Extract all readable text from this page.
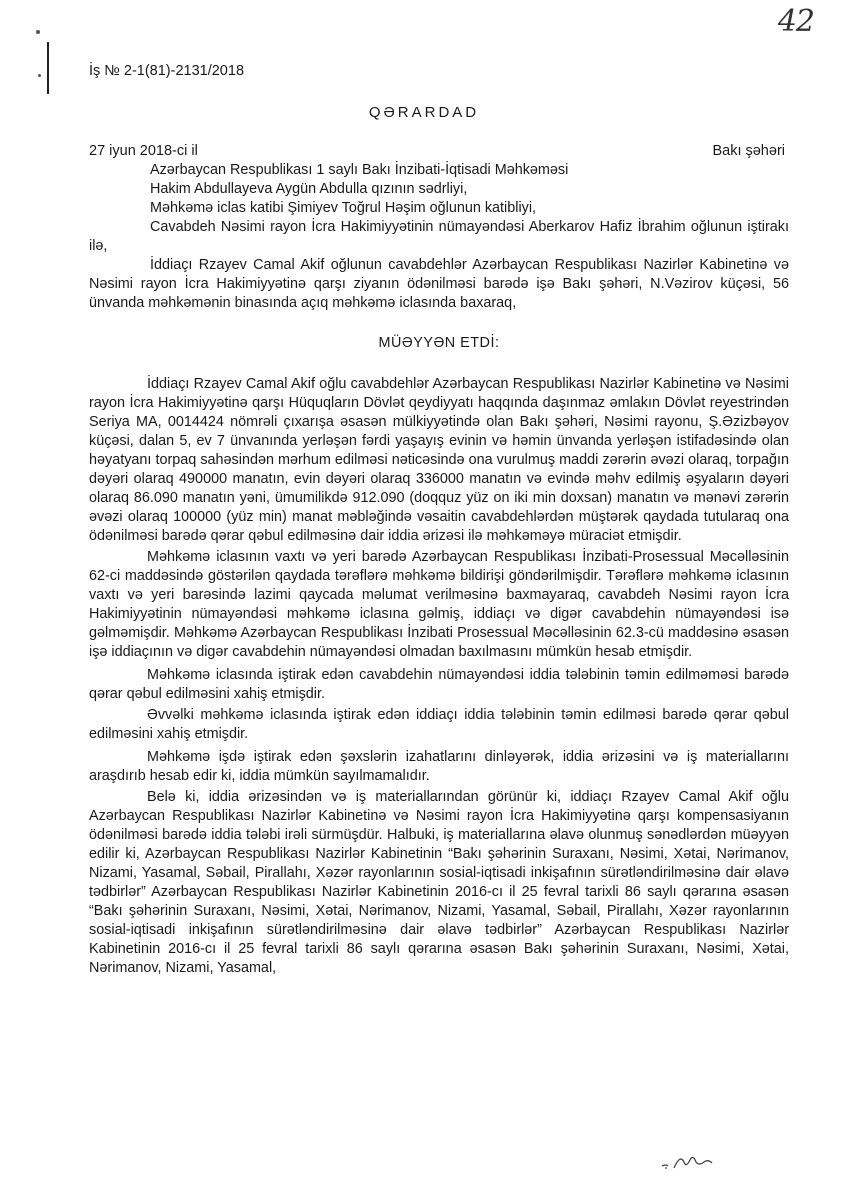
42
İş № 2-1(81)-2131/2018
QƏRARDAD
27 iyun 2018-ci il	Bakı şəhəri

Azərbaycan Respublikası 1 saylı Bakı İnzibati-İqtisadi Məhkəməsi

Hakim Abdullayeva Aygün Abdulla qızının sədrliyi,

Məhkəmə iclas katibi Şimiyev Toğrul Həşim oğlunun katibliyi,

Cavabdeh Nəsimi rayon İcra Hakimiyyətinin nümayəndəsi Aberkarov Hafiz İbrahim oğlunun iştirakı ilə,

İddiaçı Rzayev Camal Akif oğlunun cavabdehlər Azərbaycan Respublikası Nazirlər Kabinetinə və Nəsimi rayon İcra Hakimiyyətinə qarşı ziyanın ödənilməsi barədə işə Bakı şəhəri, N.Vəzirov küçəsi, 56 ünvanda məhkəmənin binasında açıq məhkəmə iclasında baxaraq,

MÜƏYYƏN ETDİ:

İddiaçı Rzayev Camal Akif oğlu cavabdehlər Azərbaycan Respublikası Nazirlər Kabinetinə və Nəsimi rayon İcra Hakimiyyətinə qarşı Hüquqların Dövlət qeydiyyatı haqqında daşınmaz əmlakın Dövlət reyestrindən Seriya MA, 0014424 nömrəli çıxarışa əsasən mülkiyyətində olan Bakı şəhəri, Nəsimi rayonu, Ş.Əzizbəyov küçəsi, dalan 5, ev 7 ünvanında yerləşən fərdi yaşayış evinin və həmin ünvanda yerləşən istifadəsində olan həyatyanı torpaq sahəsindən mərhum edilməsi nəticəsində ona vurulmuş maddi zərərin əvəzi olaraq, torpağın dəyəri olaraq 490000 manatın, evin dəyəri olaraq 336000 manatın və evində məhv edilmiş əşyaların dəyəri olaraq 86.090 manatın yəni, ümumilikdə 912.090 (doqquz yüz on iki min doxsan) manatın və mənəvi zərərin əvəzi olaraq 100000 (yüz min) manat məbləğində vəsaitin cavabdehlərdən müştərək qaydada tutularaq ona ödənilməsi barədə qərar qəbul edilməsinə dair iddia ərizəsi ilə məhkəməyə müraciət etmişdir.

Məhkəmə iclasının vaxtı və yeri barədə Azərbaycan Respublikası İnzibati-Prosessual Məcəlləsinin 62-ci maddəsində göstərilən qaydada tərəflərə məhkəmə bildirişi göndərilmişdir. Tərəflərə məhkəmə iclasının vaxtı və yeri barəsində lazimi qaycada məlumat verilməsinə baxmayaraq, cavabdeh Nəsimi rayon İcra Hakimiyyətinin nümayəndəsi məhkəmə iclasına gəlmiş, iddiaçı və digər cavabdehin nümayəndəsi isə gəlməmişdir. Məhkəmə Azərbaycan Respublikası İnzibati Prosessual Məcəlləsinin 62.3-cü maddəsinə əsasən işə iddiaçının və digər cavabdehin nümayəndəsi olmadan baxılmasını mümkün hesab etmişdir.

Məhkəmə iclasında iştirak edən cavabdehin nümayəndəsi iddia tələbinin təmin edilməməsi barədə qərar qəbul edilməsini xahiş etmişdir.

Əvvəlki məhkəmə iclasında iştirak edən iddiaçı iddia tələbinin təmin edilməsi barədə qərar qəbul edilməsini xahiş etmişdir.

Məhkəmə işdə iştirak edən şəxslərin izahatlarını dinləyərək, iddia ərizəsini və iş materiallarını araşdırıb hesab edir ki, iddia mümkün sayılmamalıdır.

Belə ki, iddia ərizəsindən və iş materiallarından görünür ki, iddiaçı Rzayev Camal Akif oğlu Azərbaycan Respublikası Nazirlər Kabinetinə və Nəsimi rayon İcra Hakimiyyətinə qarşı kompensasiyanın ödənilməsi barədə iddia tələbi irəli sürmüşdür. Halbuki, iş materiallarına əlavə olunmuş sənədlərdən müəyyən edilir ki, Azərbaycan Respublikası Nazirlər Kabinetinin “Bakı şəhərinin Suraxanı, Nəsimi, Xətai, Nərimanov, Nizami, Yasamal, Səbail, Pirallahı, Xəzər rayonlarının sosial-iqtisadi inkişafının sürətləndirilməsinə dair əlavə tədbirlər” Azərbaycan Respublikası Nazirlər Kabinetinin 2016-cı il 25 fevral tarixli 86 saylı qərarına əsasən “Bakı şəhərinin Suraxanı, Nəsimi, Xətai, Nərimanov, Nizami, Yasamal, Səbail, Pirallahı, Xəzər rayonlarının sosial-iqtisadi inkişafının sürətləndirilməsinə dair əlavə tədbirlər” Azərbaycan Respublikası Nazirlər Kabinetinin 2016-cı il 25 fevral tarixli 86 saylı qərarına əsasən Bakı şəhərinin Suraxanı, Nəsimi, Xətai, Nərimanov, Nizami, Yasamal,
